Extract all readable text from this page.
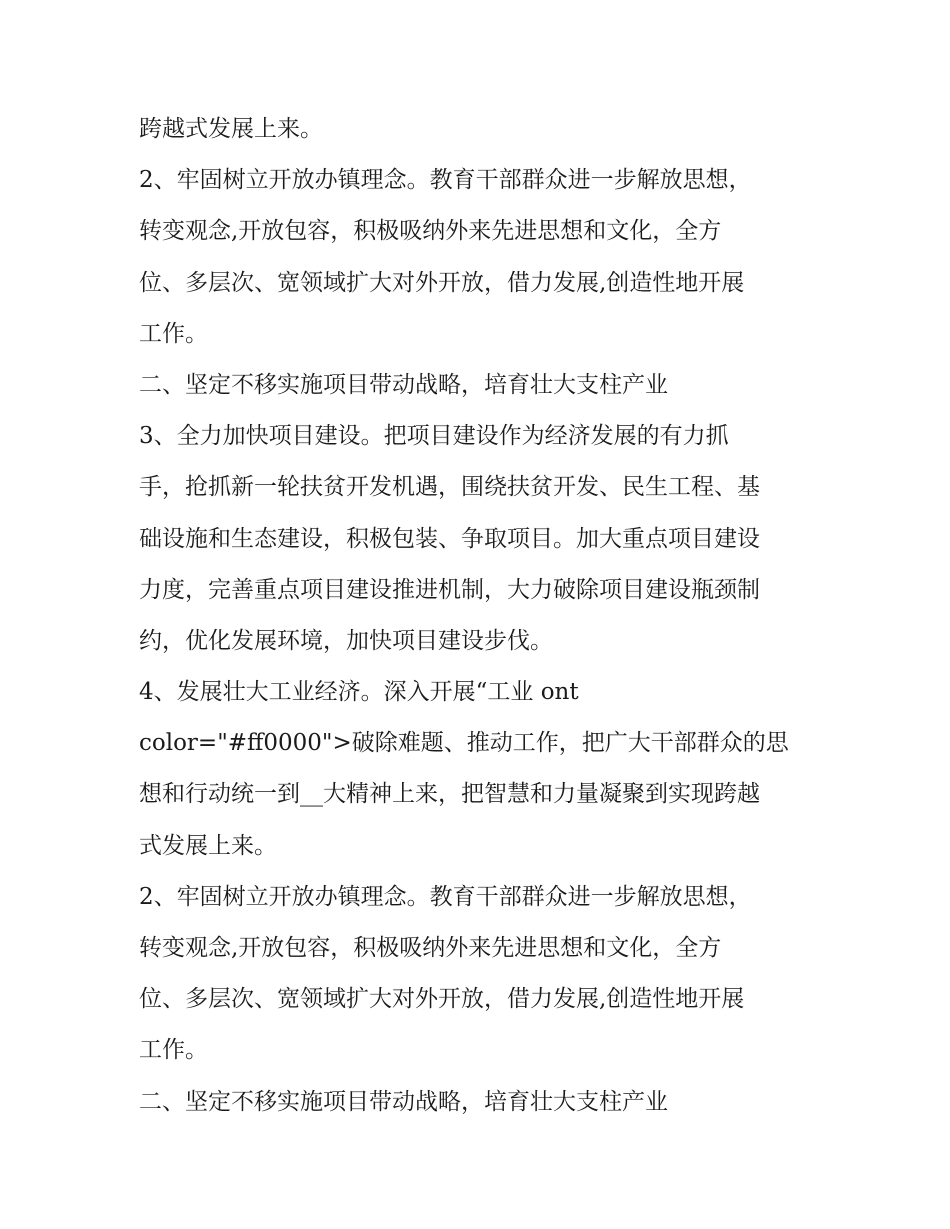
跨越式发展上来。
2、牢固树立开放办镇理念。教育干部群众进一步解放思想，
转变观念,开放包容，积极吸纳外来先进思想和文化，全方
位、多层次、宽领域扩大对外开放，借力发展,创造性地开展
工作。
二、坚定不移实施项目带动战略，培育壮大支柱产业
3、全力加快项目建设。把项目建设作为经济发展的有力抓
手，抢抓新一轮扶贫开发机遇，围绕扶贫开发、民生工程、基
础设施和生态建设，积极包装、争取项目。加大重点项目建设
力度，完善重点项目建设推进机制，大力破除项目建设瓶颈制
约，优化发展环境，加快项目建设步伐。
4、发展壮大工业经济。深入开展“工业 ont
color="#ff0000">破除难题、推动工作，把广大干部群众的思
想和行动统一到__大精神上来，把智慧和力量凝聚到实现跨越
式发展上来。
2、牢固树立开放办镇理念。教育干部群众进一步解放思想，
转变观念,开放包容，积极吸纳外来先进思想和文化，全方
位、多层次、宽领域扩大对外开放，借力发展,创造性地开展
工作。
二、坚定不移实施项目带动战略，培育壮大支柱产业
